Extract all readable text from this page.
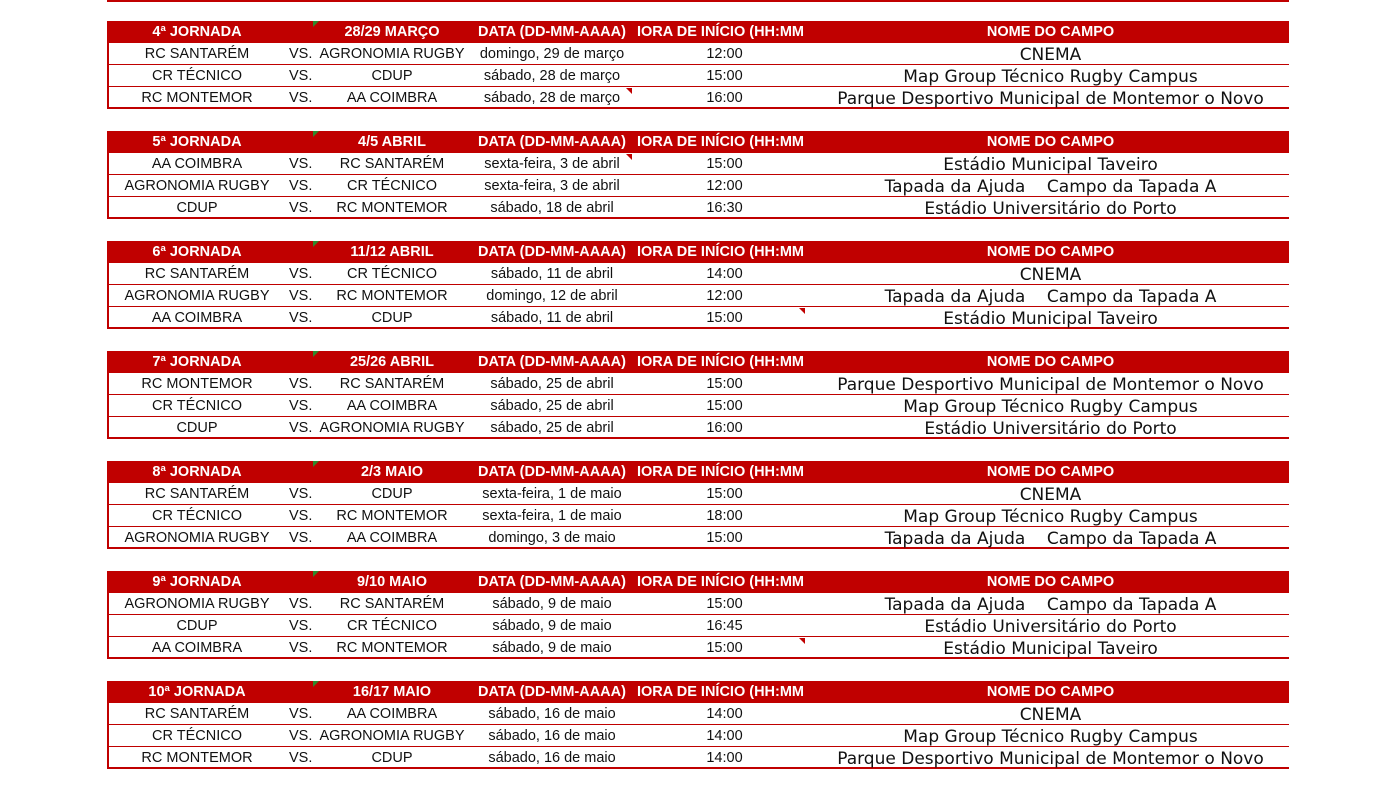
4ª JORNADA	28/29 MARÇO	DATA (DD-MM-AAAA) IORA DE INÍCIO (HH:MM	NOME DO CAMPO
RC SANTARÉM	VS. AGRONOMIA RUGBY	domingo, 29 de março	12:00	CNEMA
CR TÉCNICO	VS.	CDUP	sábado, 28 de março	15:00	Map Group Técnico Rugby Campus
RC MONTEMOR	VS.	AA COIMBRA	sábado, 28 de março	16:00	Parque Desportivo Municipal de Montemor o Novo
5ª JORNADA	4/5 ABRIL	DATA (DD-MM-AAAA) IORA DE INÍCIO (HH:MM	NOME DO CAMPO
AA COIMBRA	VS.	RC SANTARÉM	sexta-feira, 3 de abril	15:00	Estádio Municipal Taveiro
AGRONOMIA RUGBY	VS.	CR TÉCNICO	sexta-feira, 3 de abril	12:00	Tapada da Ajuda    Campo da Tapada A
CDUP	VS.	RC MONTEMOR	sábado, 18 de abril	16:30	Estádio Universitário do Porto
6ª JORNADA	11/12 ABRIL	DATA (DD-MM-AAAA) IORA DE INÍCIO (HH:MM	NOME DO CAMPO
RC SANTARÉM	VS.	CR TÉCNICO	sábado, 11 de abril	14:00	CNEMA
AGRONOMIA RUGBY	VS.	RC MONTEMOR	domingo, 12 de abril	12:00	Tapada da Ajuda    Campo da Tapada A
AA COIMBRA	VS.	CDUP	sábado, 11 de abril	15:00	Estádio Municipal Taveiro
7ª JORNADA	25/26 ABRIL	DATA (DD-MM-AAAA) IORA DE INÍCIO (HH:MM	NOME DO CAMPO
RC MONTEMOR	VS.	RC SANTARÉM	sábado, 25 de abril	15:00	Parque Desportivo Municipal de Montemor o Novo
CR TÉCNICO	VS.	AA COIMBRA	sábado, 25 de abril	15:00	Map Group Técnico Rugby Campus
CDUP	VS. AGRONOMIA RUGBY	sábado, 25 de abril	16:00	Estádio Universitário do Porto
8ª JORNADA	2/3 MAIO	DATA (DD-MM-AAAA) IORA DE INÍCIO (HH:MM	NOME DO CAMPO
RC SANTARÉM	VS.	CDUP	sexta-feira, 1 de maio	15:00	CNEMA
CR TÉCNICO	VS.	RC MONTEMOR	sexta-feira, 1 de maio	18:00	Map Group Técnico Rugby Campus
AGRONOMIA RUGBY	VS.	AA COIMBRA	domingo, 3 de maio	15:00	Tapada da Ajuda    Campo da Tapada A
9ª JORNADA	9/10 MAIO	DATA (DD-MM-AAAA) IORA DE INÍCIO (HH:MM	NOME DO CAMPO
AGRONOMIA RUGBY	VS.	RC SANTARÉM	sábado, 9 de maio	15:00	Tapada da Ajuda    Campo da Tapada A
CDUP	VS.	CR TÉCNICO	sábado, 9 de maio	16:45	Estádio Universitário do Porto
AA COIMBRA	VS.	RC MONTEMOR	sábado, 9 de maio	15:00	Estádio Municipal Taveiro
10ª JORNADA	16/17 MAIO	DATA (DD-MM-AAAA) IORA DE INÍCIO (HH:MM	NOME DO CAMPO
RC SANTARÉM	VS.	AA COIMBRA	sábado, 16 de maio	14:00	CNEMA
CR TÉCNICO	VS. AGRONOMIA RUGBY	sábado, 16 de maio	14:00	Map Group Técnico Rugby Campus
RC MONTEMOR	VS.	CDUP	sábado, 16 de maio	14:00	Parque Desportivo Municipal de Montemor o Novo
